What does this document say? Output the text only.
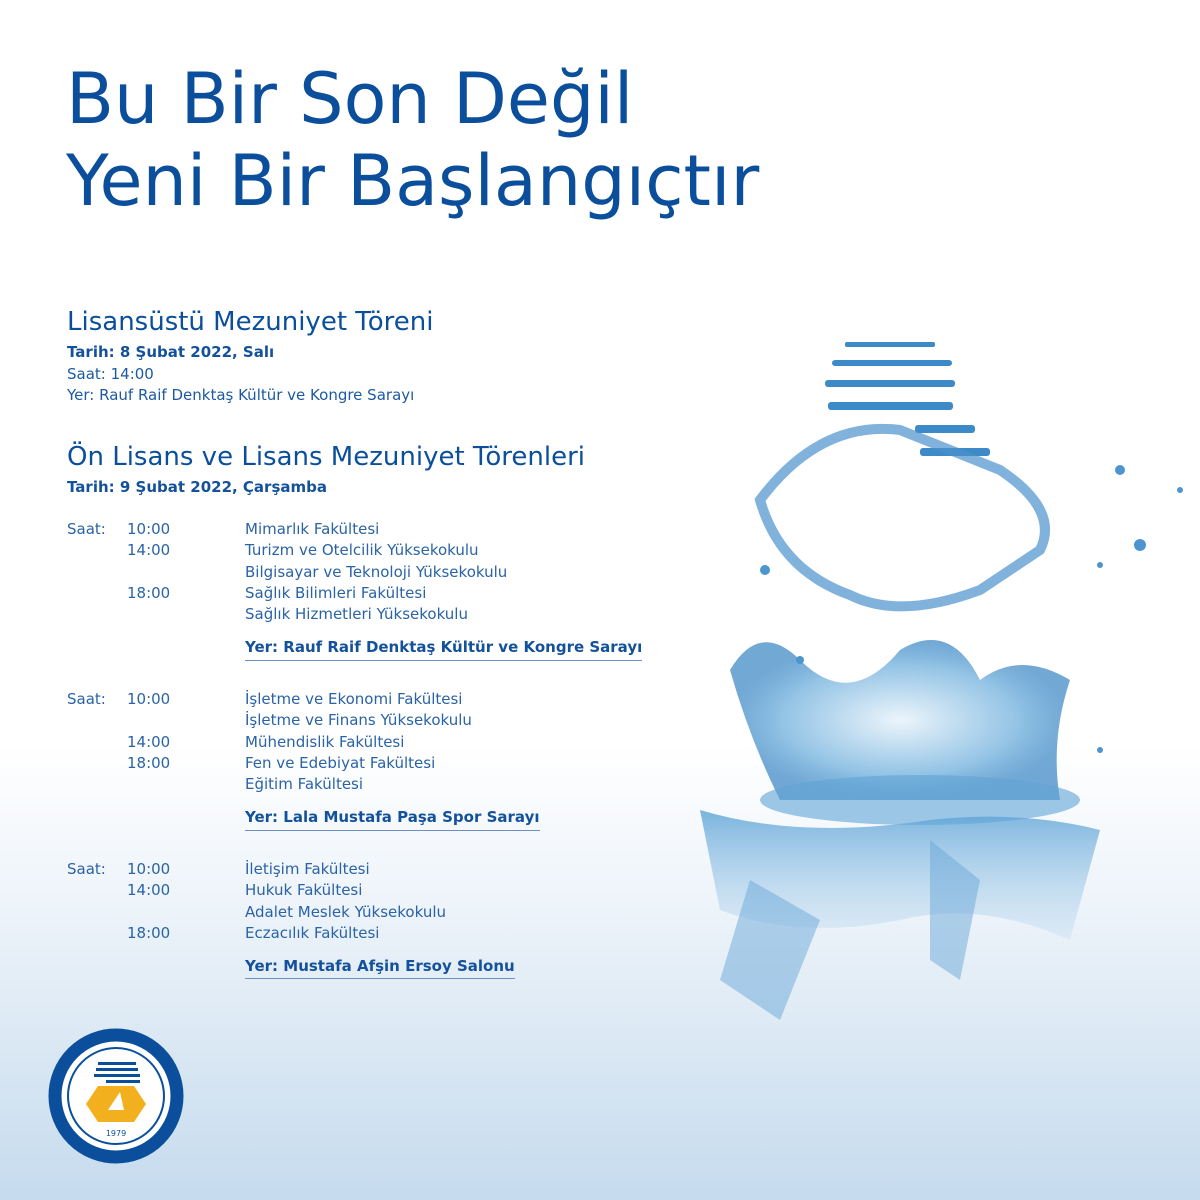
Bu Bir Son Değil
Yeni Bir Başlangıçtır
Lisansüstü Mezuniyet Töreni
Tarih: 8 Şubat 2022, Salı
Saat: 14:00
Yer: Rauf Raif Denktaş Kültür ve Kongre Sarayı
Ön Lisans ve Lisans Mezuniyet Törenleri
Tarih: 9 Şubat 2022, Çarşamba
Saat:	10:00	Mimarlık Fakültesi
14:00	Turizm ve Otelcilik Yüksekokulu
Bilgisayar ve Teknoloji Yüksekokulu
18:00	Sağlık Bilimleri Fakültesi
Sağlık Hizmetleri Yüksekokulu
Yer: Rauf Raif Denktaş Kültür ve Kongre Sarayı
Saat:	10:00	İşletme ve Ekonomi Fakültesi
İşletme ve Finans Yüksekokulu
14:00	Mühendislik Fakültesi
18:00	Fen ve Edebiyat Fakültesi
Eğitim Fakültesi
Yer: Lala Mustafa Paşa Spor Sarayı
Saat:	10:00	İletişim Fakültesi
14:00	Hukuk Fakültesi
Adalet Meslek Yüksekokulu
18:00	Eczacılık Fakültesi
Yer: Mustafa Afşin Ersoy Salonu
1979
